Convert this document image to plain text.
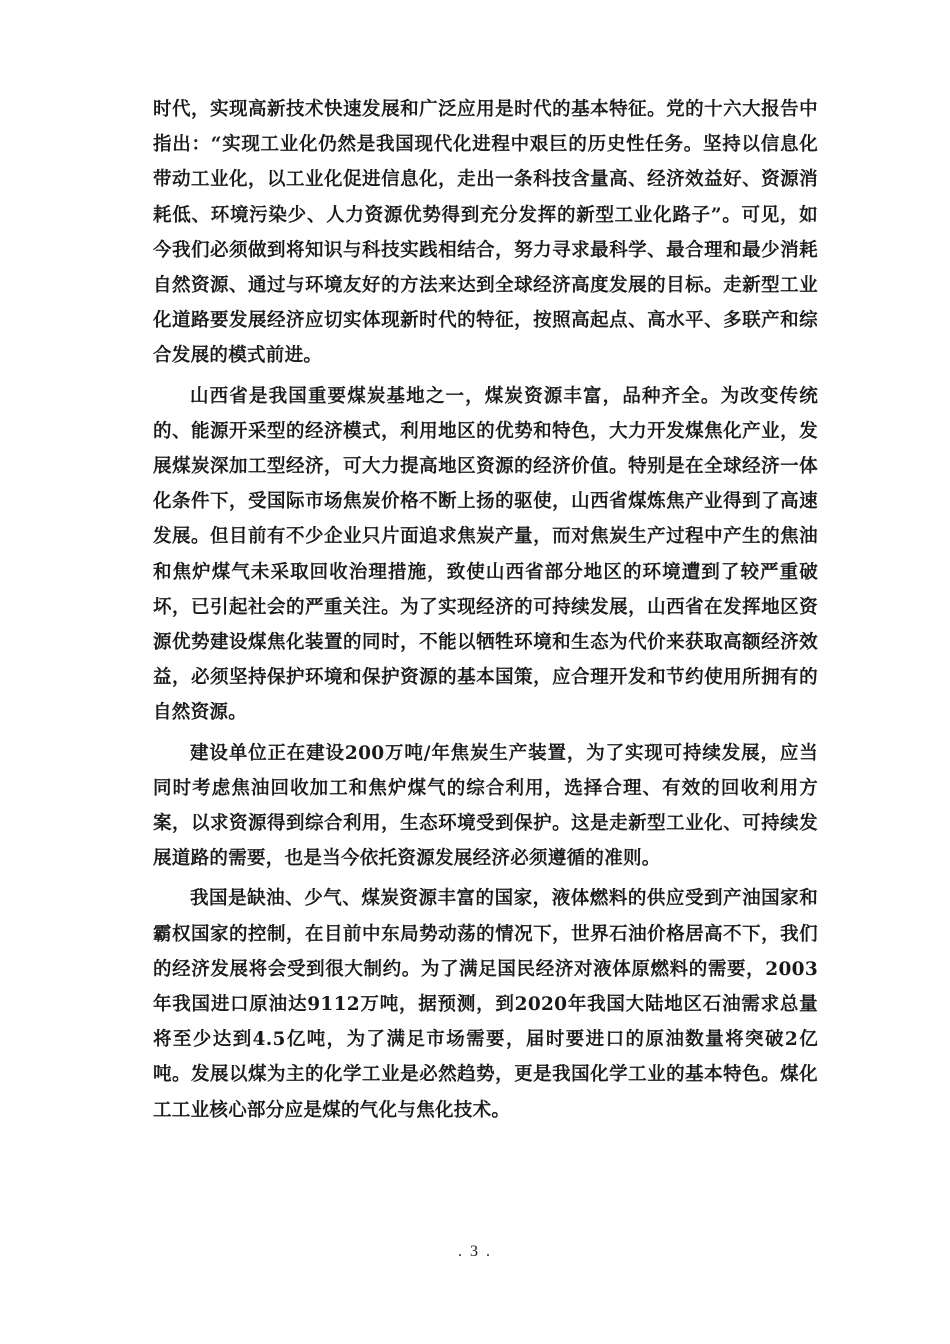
时代，实现高新技术快速发展和广泛应用是时代的基本特征。党的十六大报告中指出：“实现工业化仍然是我国现代化进程中艰巨的历史性任务。坚持以信息化带动工业化，以工业化促进信息化，走出一条科技含量高、经济效益好、资源消耗低、环境污染少、人力资源优势得到充分发挥的新型工业化路子”。可见，如今我们必须做到将知识与科技实践相结合，努力寻求最科学、最合理和最少消耗自然资源、通过与环境友好的方法来达到全球经济高度发展的目标。走新型工业化道路要发展经济应切实体现新时代的特征，按照高起点、高水平、多联产和综合发展的模式前进。

山西省是我国重要煤炭基地之一，煤炭资源丰富，品种齐全。为改变传统的、能源开采型的经济模式，利用地区的优势和特色，大力开发煤焦化产业，发展煤炭深加工型经济，可大力提高地区资源的经济价值。特别是在全球经济一体化条件下，受国际市场焦炭价格不断上扬的驱使，山西省煤炼焦产业得到了高速发展。但目前有不少企业只片面追求焦炭产量，而对焦炭生产过程中产生的焦油和焦炉煤气未采取回收治理措施，致使山西省部分地区的环境遭到了较严重破坏，已引起社会的严重关注。为了实现经济的可持续发展，山西省在发挥地区资源优势建设煤焦化装置的同时，不能以牺牲环境和生态为代价来获取高额经济效益，必须坚持保护环境和保护资源的基本国策，应合理开发和节约使用所拥有的自然资源。

建设单位正在建设200万吨/年焦炭生产装置，为了实现可持续发展，应当同时考虑焦油回收加工和焦炉煤气的综合利用，选择合理、有效的回收利用方案，以求资源得到综合利用，生态环境受到保护。这是走新型工业化、可持续发展道路的需要，也是当今依托资源发展经济必须遵循的准则。

我国是缺油、少气、煤炭资源丰富的国家，液体燃料的供应受到产油国家和霸权国家的控制，在目前中东局势动荡的情况下，世界石油价格居高不下，我们的经济发展将会受到很大制约。为了满足国民经济对液体原燃料的需要，2003年我国进口原油达9112万吨，据预测，到2020年我国大陆地区石油需求总量将至少达到4.5亿吨，为了满足市场需要，届时要进口的原油数量将突破2亿吨。发展以煤为主的化学工业是必然趋势，更是我国化学工业的基本特色。煤化工工业核心部分应是煤的气化与焦化技术。

. 3 .
